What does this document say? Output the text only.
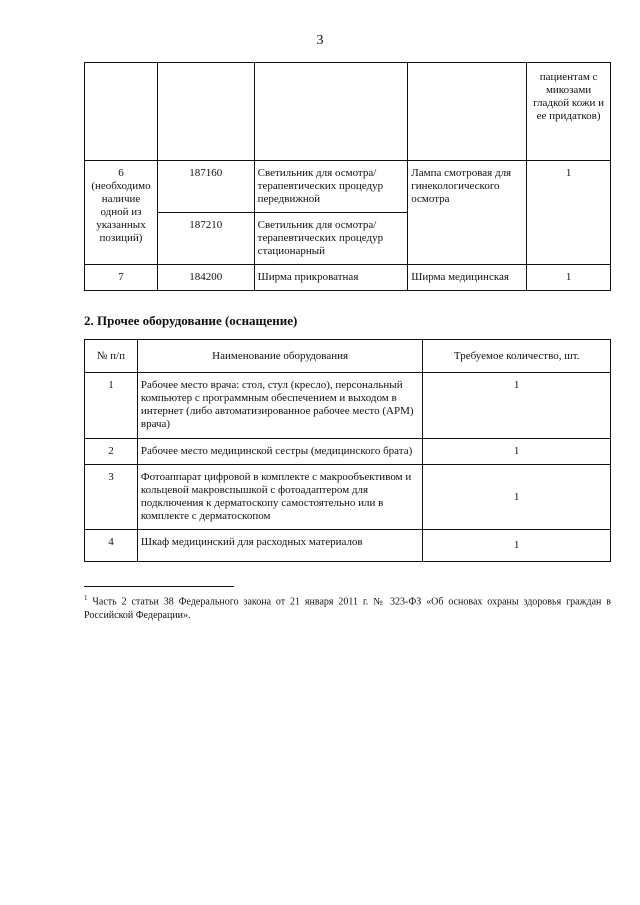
3
				пациентам с микозами гладкой кожи и ее придатков)
6 (необходимо наличие одной из указанных позиций)	187160	Светильник для осмотра/терапевтических процедур передвижной	Лампа смотровая для гинекологического осмотра	1
	187210	Светильник для осмотра/терапевтических процедур стационарный		
7	184200	Ширма прикроватная	Ширма медицинская	1
2. Прочее оборудование (оснащение)
№ п/п	Наименование оборудования	Требуемое количество, шт.
1	Рабочее место врача: стол, стул (кресло), персональный компьютер с программным обеспечением и выходом в интернет (либо автоматизированное рабочее место (АРМ) врача)	1
2	Рабочее место медицинской сестры (медицинского брата)	1
3	Фотоаппарат цифровой в комплекте с макрообъективом и кольцевой макровспышкой с фотоадаптером для подключения к дерматоскопу самостоятельно или в комплекте с дерматоскопом	1
4	Шкаф медицинский для расходных материалов	1
$^1$ Часть 2 статьи 38 Федерального закона от 21 января 2011 г. № 323-ФЗ «Об основах охраны здоровья граждан в Российской Федерации».
